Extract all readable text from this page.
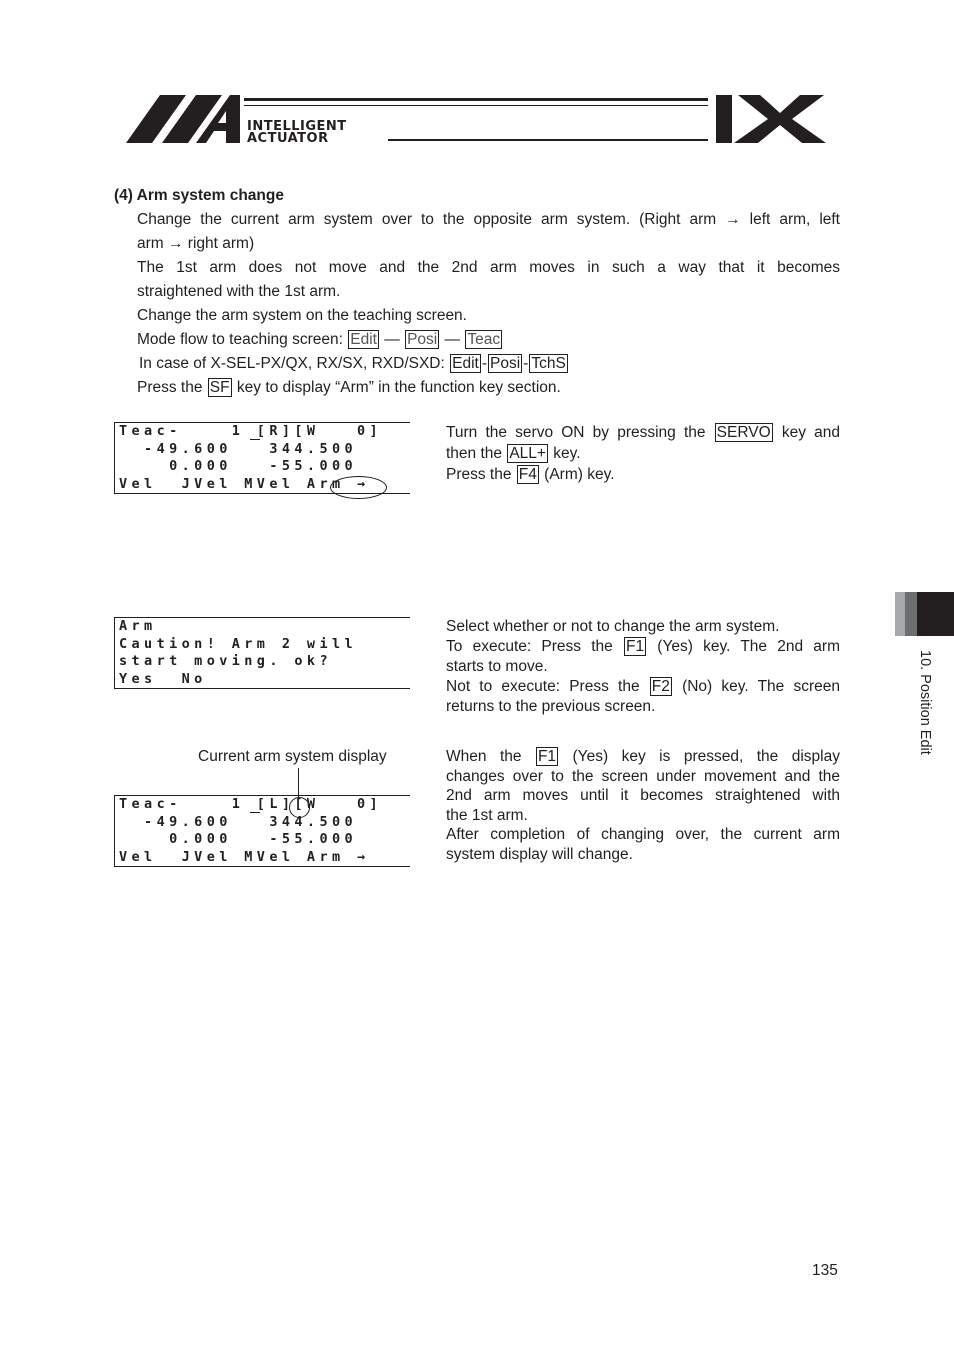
INTELLIGENT
ACTUATOR
(4) Arm system change
Change the current arm system over to the opposite arm system. (Right arm → left arm, left
arm → right arm)
The 1st arm does not move and the 2nd arm moves in such a way that it becomes
straightened with the 1st arm.
Change the arm system on the teaching screen.
Mode flow to teaching screen: Edit — Posi — Teac
In case of X-SEL-PX/QX, RX/SX, RXD/SXD: Edit - Posi - TchS
Press the SF key to display “Arm” in the function key section.
Teac-    1 [R][W   0]
-49.600   344.500
0.000   -55.000
Vel  JVel MVel Arm →
Turn the servo ON by pressing the SERVO key and
then the ALL+ key.
Press the F4 (Arm) key.
Arm
Caution! Arm 2 will
start moving. ok?
Yes  No
Select whether or not to change the arm system.
To execute: Press the F1 (Yes) key. The 2nd arm
starts to move.
Not to execute: Press the F2 (No) key. The screen
returns to the previous screen.
Current arm system display
Teac-    1 [L][W   0]
-49.600   344.500
0.000   -55.000
Vel  JVel MVel Arm →
When the F1 (Yes) key is pressed, the display
changes over to the screen under movement and the
2nd arm moves until it becomes straightened with
the 1st arm.
After completion of changing over, the current arm
system display will change.
10. Position Edit
135
